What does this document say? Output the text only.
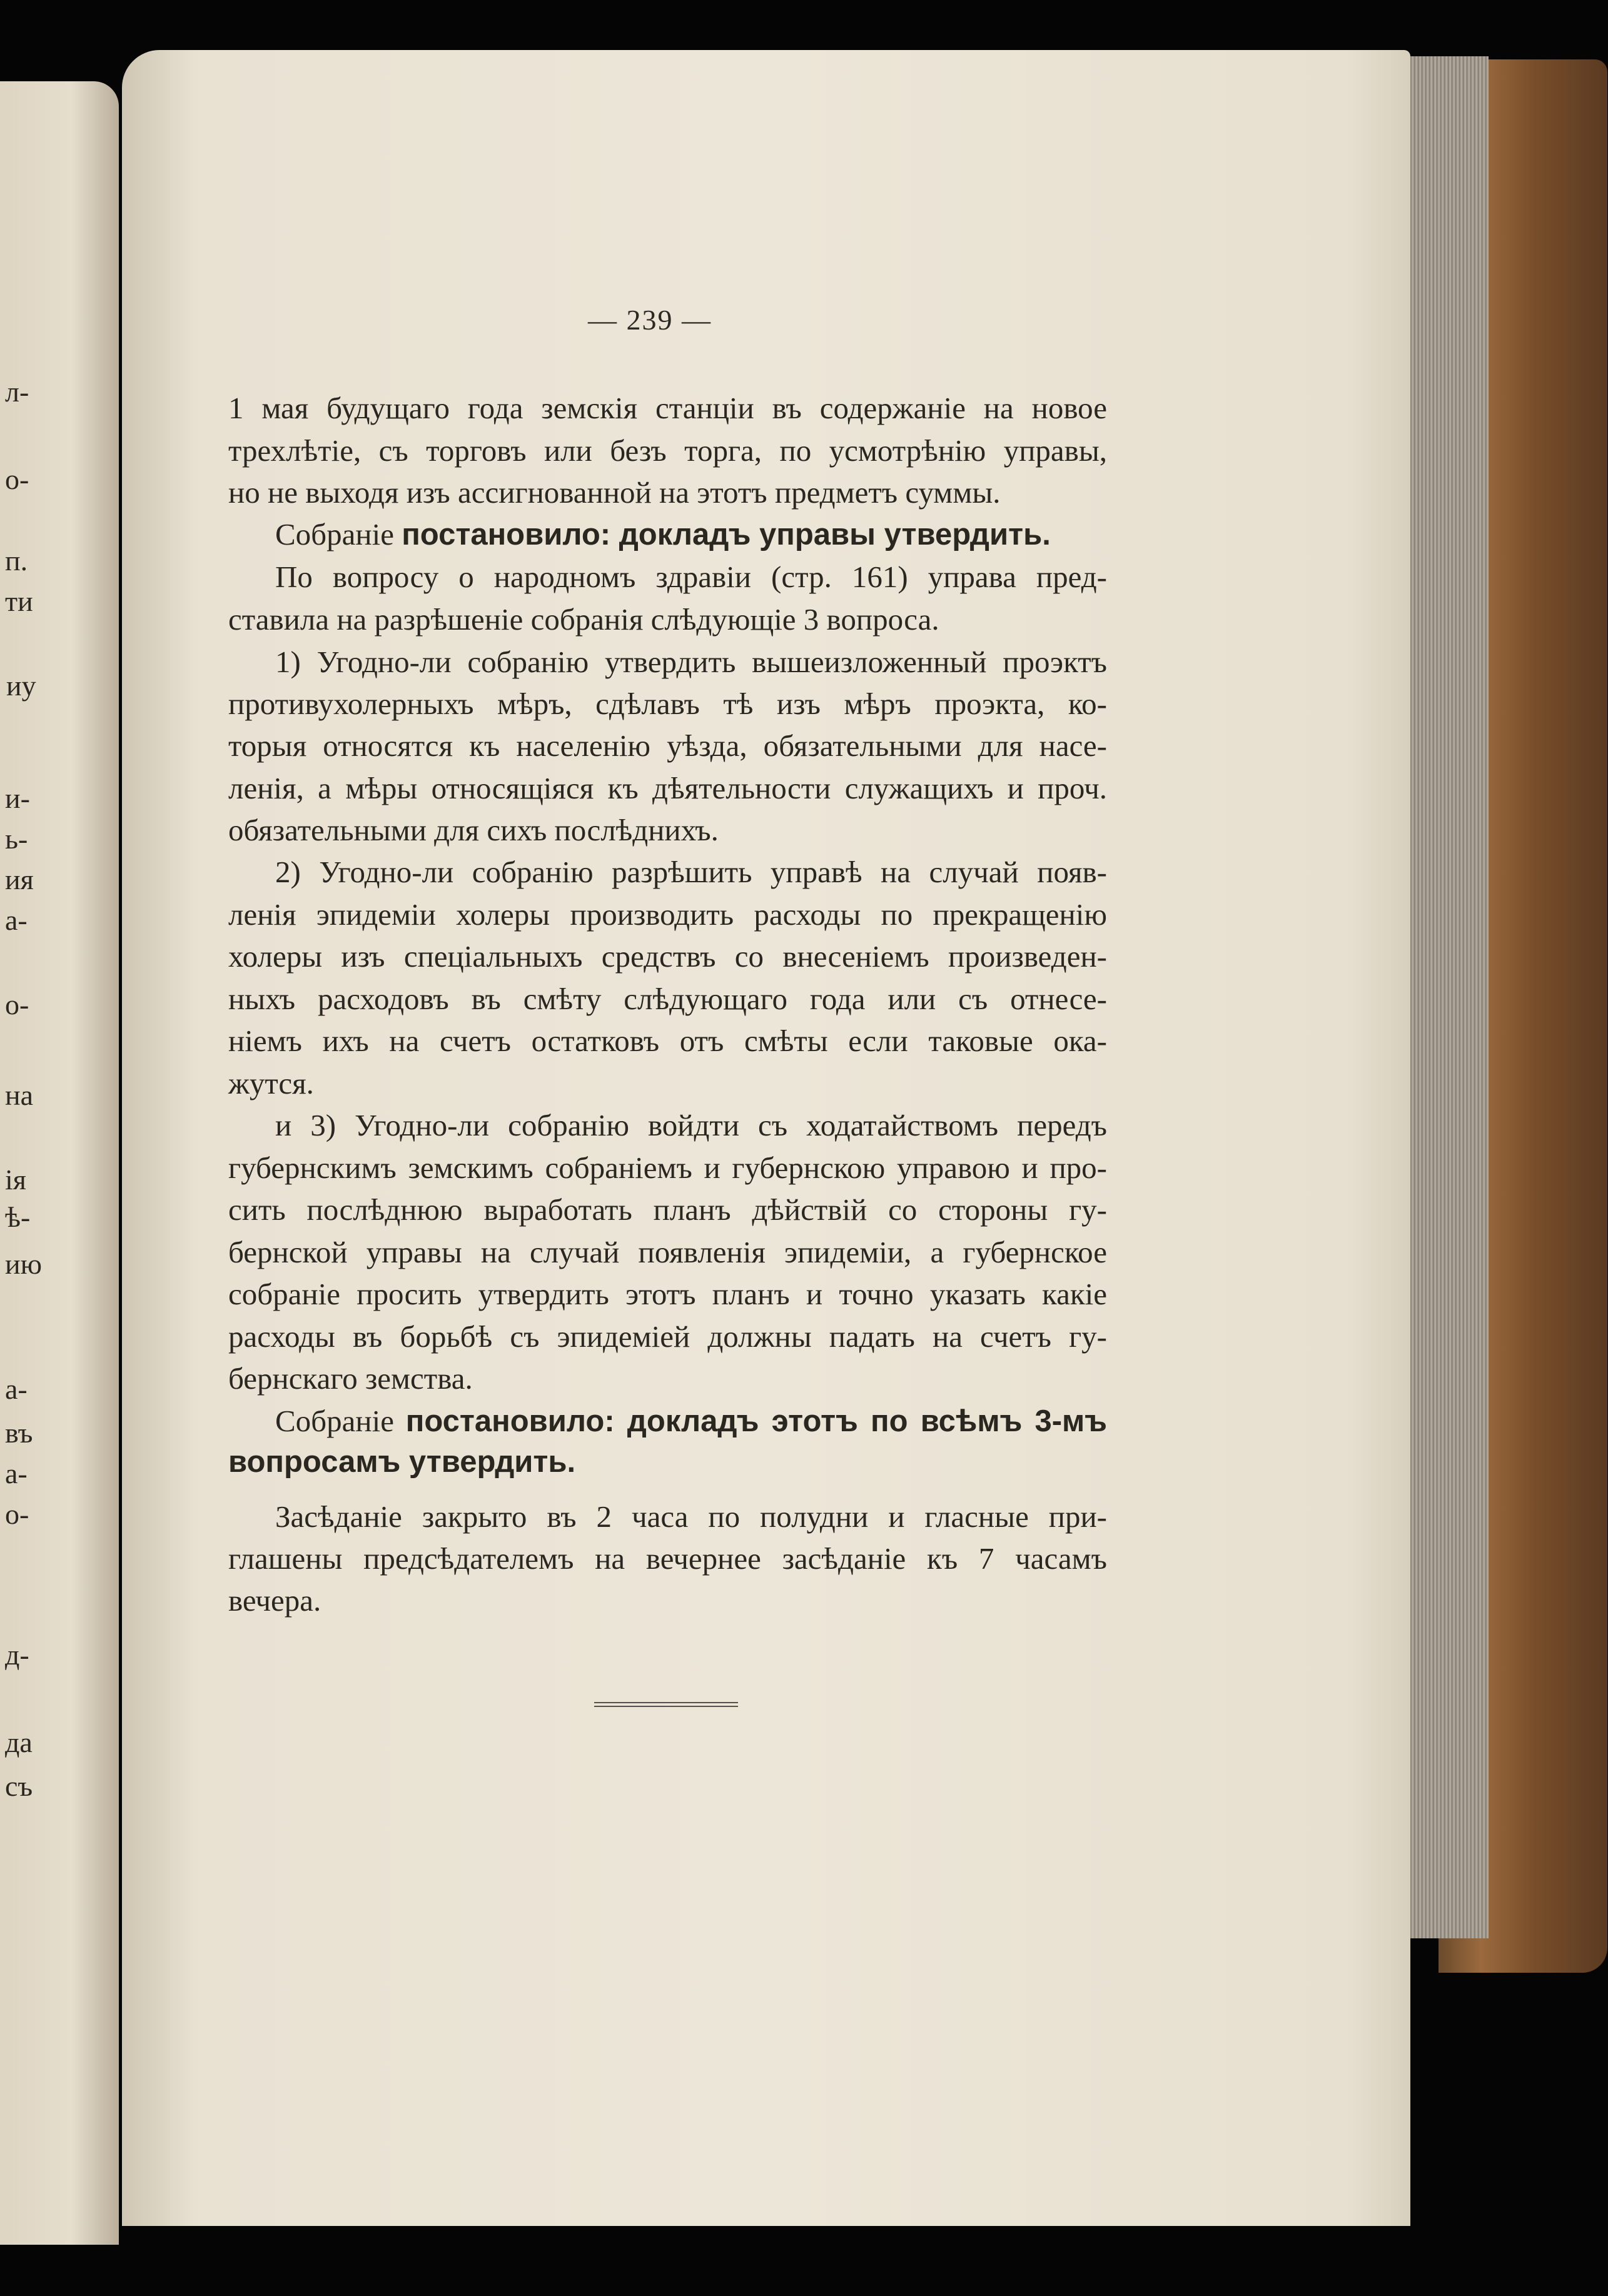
л-
о-
п.
ти
иу
и-
ь-
ия
а-
о-
на
ія
ѣ-
ию
а-
въ
а-
о-
д-
да
съ
— 239 —
1 мая будущаго года земскія станціи въ содержаніе на новое
трехлѣтіе, съ торговъ или безъ торга, по усмотрѣнію управы,
но не выходя изъ ассигнованной на этотъ предметъ суммы.
Собраніе постановило: докладъ управы утвердить.
По вопросу о народномъ здравіи (стр. 161) управа пред-
ставила на разрѣшеніе собранія слѣдующіе 3 вопроса.
1) Угодно-ли собранію утвердить вышеизложенный проэктъ
противухолерныхъ мѣръ, сдѣлавъ тѣ изъ мѣръ проэкта, ко-
торыя относятся къ населенію уѣзда, обязательными для насе-
ленія, а мѣры относящіяся къ дѣятельности служащихъ и проч.
обязательными для сихъ послѣднихъ.
2) Угодно-ли собранію разрѣшить управѣ на случай появ-
ленія эпидеміи холеры производить расходы по прекращенію
холеры изъ спеціальныхъ средствъ со внесеніемъ произведен-
ныхъ расходовъ въ смѣту слѣдующаго года или съ отнесе-
ніемъ ихъ на счетъ остатковъ отъ смѣты если таковые ока-
жутся.
и 3) Угодно-ли собранію войдти съ ходатайствомъ передъ
губернскимъ земскимъ собраніемъ и губернскою управою и про-
сить послѣднюю выработать планъ дѣйствій со стороны гу-
бернской управы на случай появленія эпидеміи, а губернское
собраніе просить утвердить этотъ планъ и точно указать какіе
расходы въ борьбѣ съ эпидеміей должны падать на счетъ гу-
бернскаго земства.
Собраніе постановило: докладъ этотъ по всѣмъ 3-мъ
вопросамъ утвердить.
Засѣданіе закрыто въ 2 часа по полудни и гласные при-
глашены предсѣдателемъ на вечернее засѣданіе къ 7 часамъ
вечера.
